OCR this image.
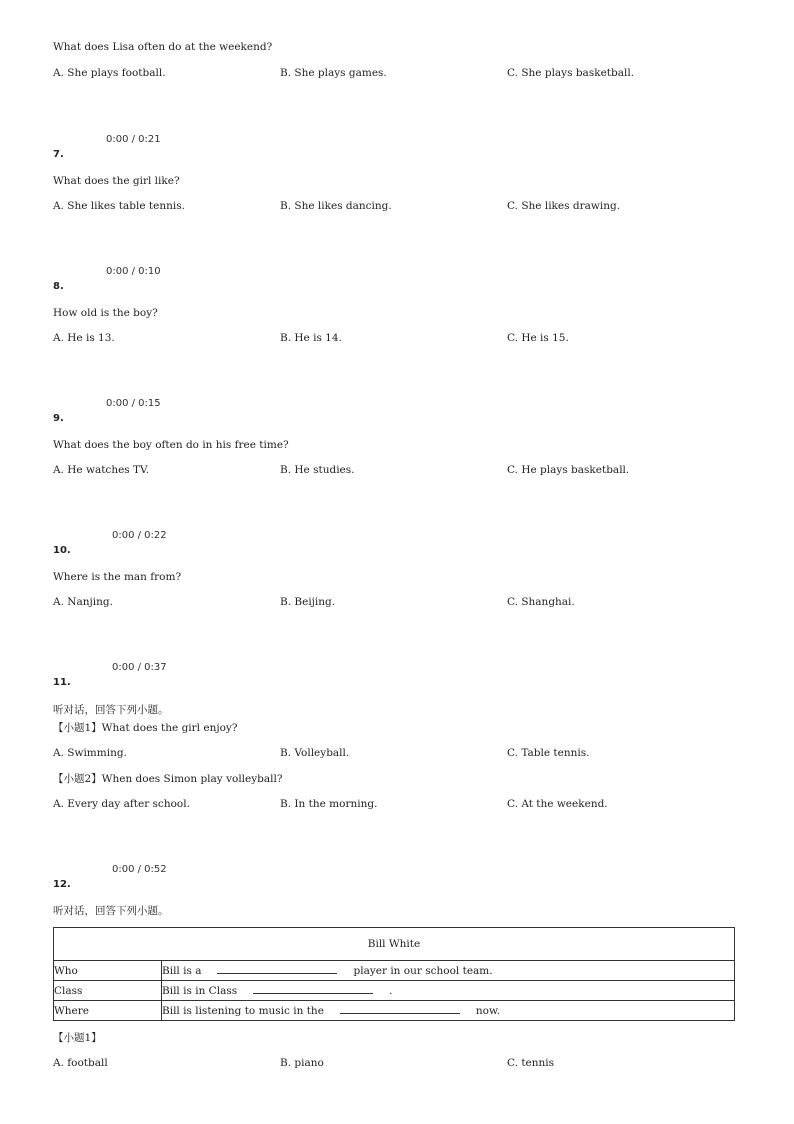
What does Lisa often do at the weekend?
A. She plays football.	B. She plays games.	C. She plays basketball.
0:00 / 0:21
7.
What does the girl like?
A. She likes table tennis.	B. She likes dancing.	C. She likes drawing.
0:00 / 0:10
8.
How old is the boy?
A. He is 13.	B. He is 14.	C. He is 15.
0:00 / 0:15
9.
What does the boy often do in his free time?
A. He watches TV.	B. He studies.	C. He plays basketball.
0:00 / 0:22
10.
Where is the man from?
A. Nanjing.	B. Beijing.	C. Shanghai.
0:00 / 0:37
11.
听对话，回答下列小题。
【小题1】What does the girl enjoy?
A. Swimming.	B. Volleyball.	C. Table tennis.
【小题2】When does Simon play volleyball?
A. Every day after school.	B. In the morning.	C. At the weekend.
0:00 / 0:52
12.
听对话，回答下列小题。
Bill White	
Who	Bill is a player in our school team.
Class	Bill is in Class .
Where	Bill is listening to music in the now.
【小题1】
A. football	B. piano	C. tennis
